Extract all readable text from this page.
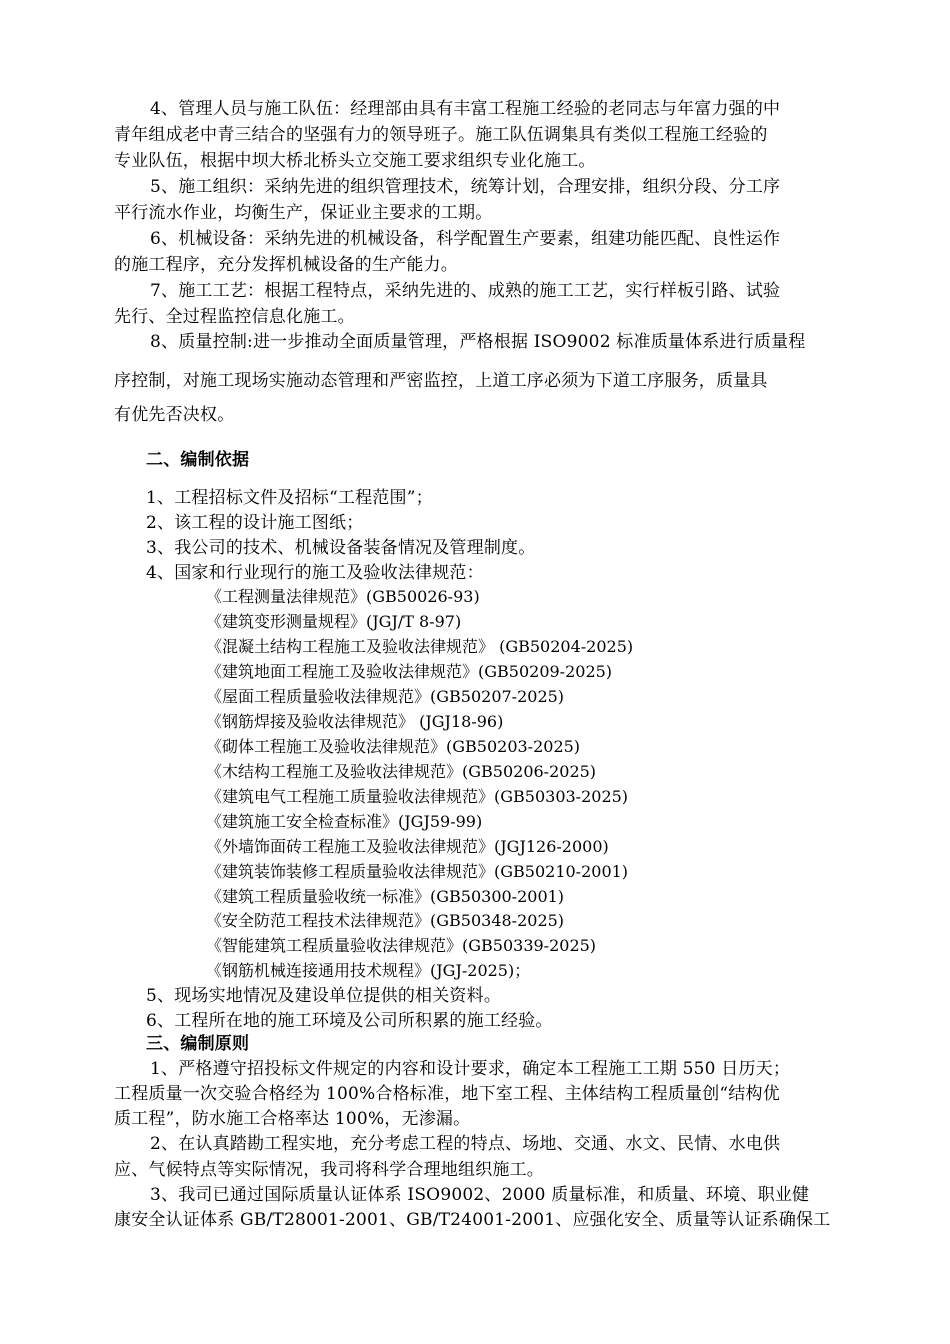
4、管理人员与施工队伍：经理部由具有丰富工程施工经验的老同志与年富力强的中
青年组成老中青三结合的坚强有力的领导班子。施工队伍调集具有类似工程施工经验的
专业队伍，根据中坝大桥北桥头立交施工要求组织专业化施工。
5、施工组织：采纳先进的组织管理技术，统筹计划，合理安排，组织分段、分工序
平行流水作业，均衡生产，保证业主要求的工期。
6、机械设备：采纳先进的机械设备，科学配置生产要素，组建功能匹配、良性运作
的施工程序，充分发挥机械设备的生产能力。
7、施工工艺：根据工程特点，采纳先进的、成熟的施工工艺，实行样板引路、试验
先行、全过程监控信息化施工。
8、质量控制:进一步推动全面质量管理，严格根据 ISO9002 标准质量体系进行质量程
序控制，对施工现场实施动态管理和严密监控，上道工序必须为下道工序服务，质量具
有优先否决权。
二、编制依据
1、工程招标文件及招标“工程范围”；
2、该工程的设计施工图纸；
3、我公司的技术、机械设备装备情况及管理制度。
4、国家和行业现行的施工及验收法律规范：
《工程测量法律规范》(GB50026-93)
《建筑变形测量规程》(JGJ/T 8-97)
《混凝土结构工程施工及验收法律规范》 (GB50204-2025)
《建筑地面工程施工及验收法律规范》(GB50209-2025)
《屋面工程质量验收法律规范》(GB50207-2025)
《钢筋焊接及验收法律规范》 (JGJ18-96)
《砌体工程施工及验收法律规范》(GB50203-2025)
《木结构工程施工及验收法律规范》(GB50206-2025)
《建筑电气工程施工质量验收法律规范》(GB50303-2025)
《建筑施工安全检查标准》(JGJ59-99)
《外墙饰面砖工程施工及验收法律规范》(JGJ126-2000)
《建筑装饰装修工程质量验收法律规范》(GB50210-2001)
《建筑工程质量验收统一标准》(GB50300-2001)
《安全防范工程技术法律规范》(GB50348-2025)
《智能建筑工程质量验收法律规范》(GB50339-2025)
《钢筋机械连接通用技术规程》(JGJ-2025)；
5、现场实地情况及建设单位提供的相关资料。
6、工程所在地的施工环境及公司所积累的施工经验。
三、编制原则
1、严格遵守招投标文件规定的内容和设计要求，确定本工程施工工期 550 日历天；
工程质量一次交验合格经为 100%合格标准，地下室工程、主体结构工程质量创“结构优
质工程”，防水施工合格率达 100%，无渗漏。
2、在认真踏勘工程实地，充分考虑工程的特点、场地、交通、水文、民情、水电供
应、气候特点等实际情况，我司将科学合理地组织施工。
3、我司已通过国际质量认证体系 ISO9002、2000 质量标准，和质量、环境、职业健
康安全认证体系 GB/T28001-2001、GB/T24001-2001、应强化安全、质量等认证系确保工
